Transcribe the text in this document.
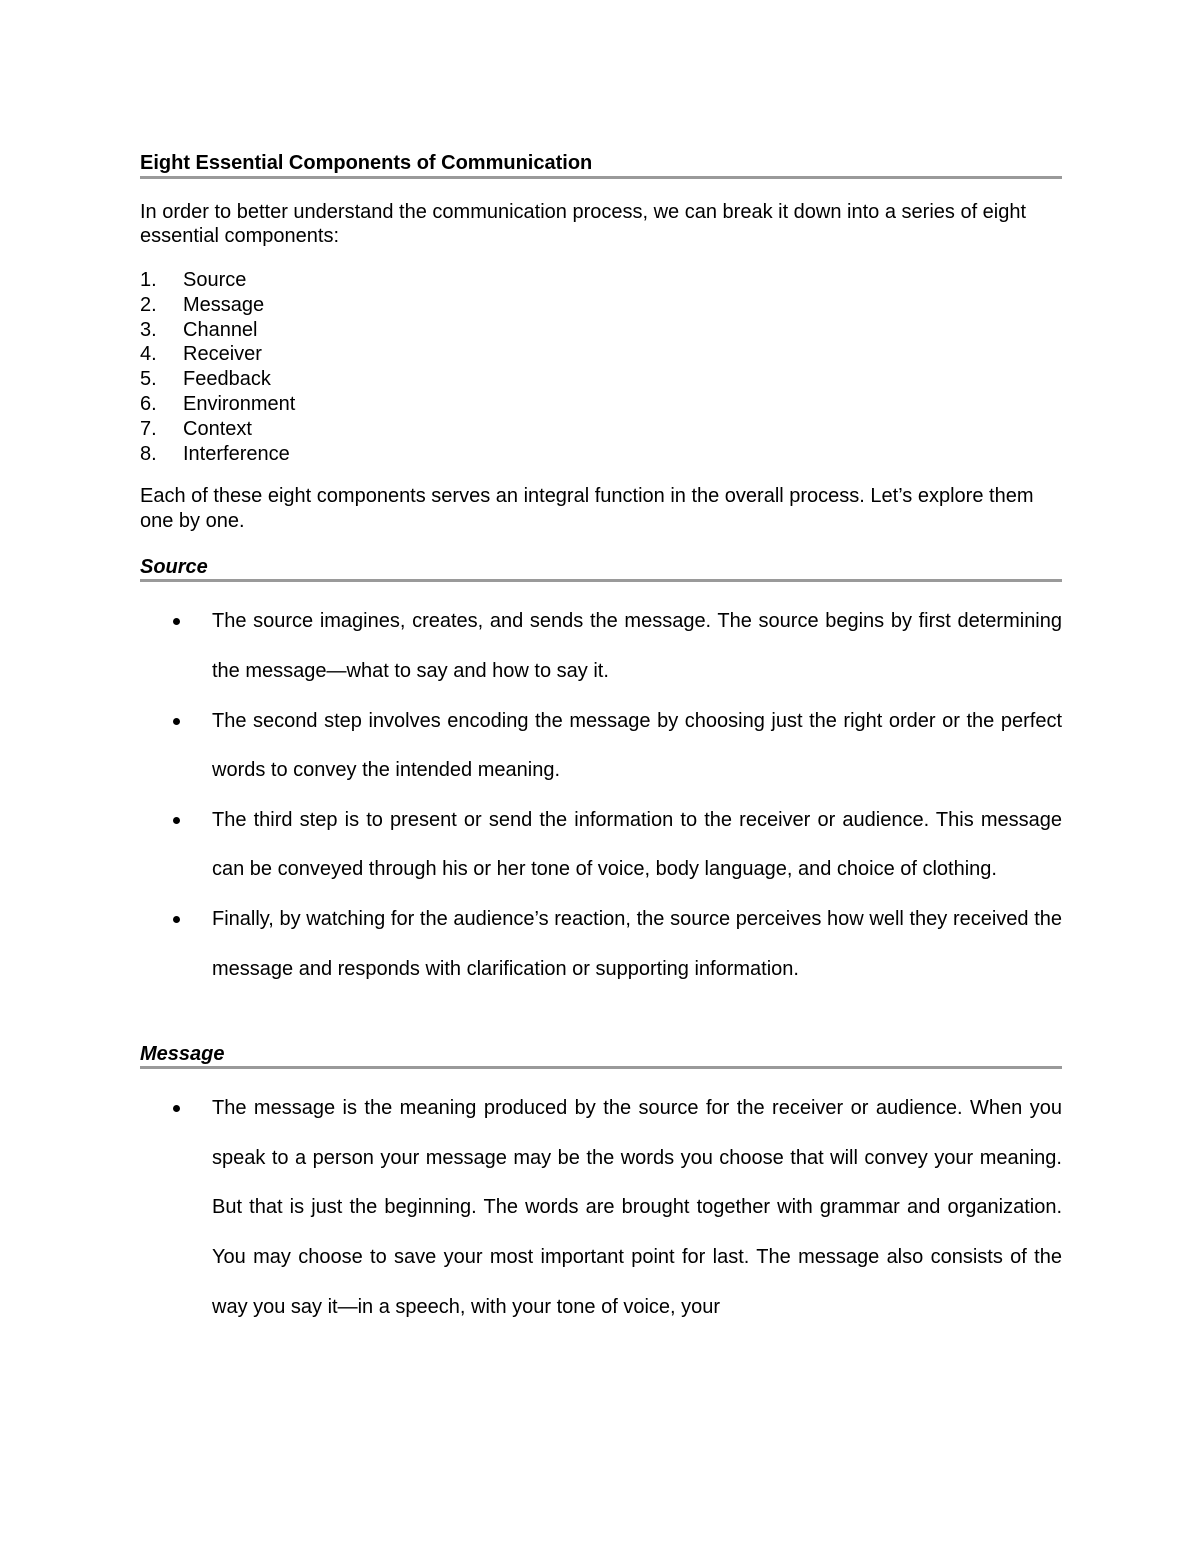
Eight Essential Components of Communication

In order to better understand the communication process, we can break it down into a series of eight essential components:

1.	Source
2.	Message
3.	Channel
4.	Receiver
5.	Feedback
6.	Environment
7.	Context
8.	Interference

Each of these eight components serves an integral function in the overall process. Let’s explore them one by one.

Source
The source imagines, creates, and sends the message. The source begins by first determining the message—what to say and how to say it.
The second step involves encoding the message by choosing just the right order or the perfect words to convey the intended meaning.
The third step is to present or send the information to the receiver or audience. This message can be conveyed through his or her tone of voice, body language, and choice of clothing.
Finally, by watching for the audience’s reaction, the source perceives how well they received the message and responds with clarification or supporting information.
Message
The message is the meaning produced by the source for the receiver or audience. When you speak to a person your message may be the words you choose that will convey your meaning. But that is just the beginning. The words are brought together with grammar and organization. You may choose to save your most important point for last. The message also consists of the way you say it—in a speech, with your tone of voice, your
